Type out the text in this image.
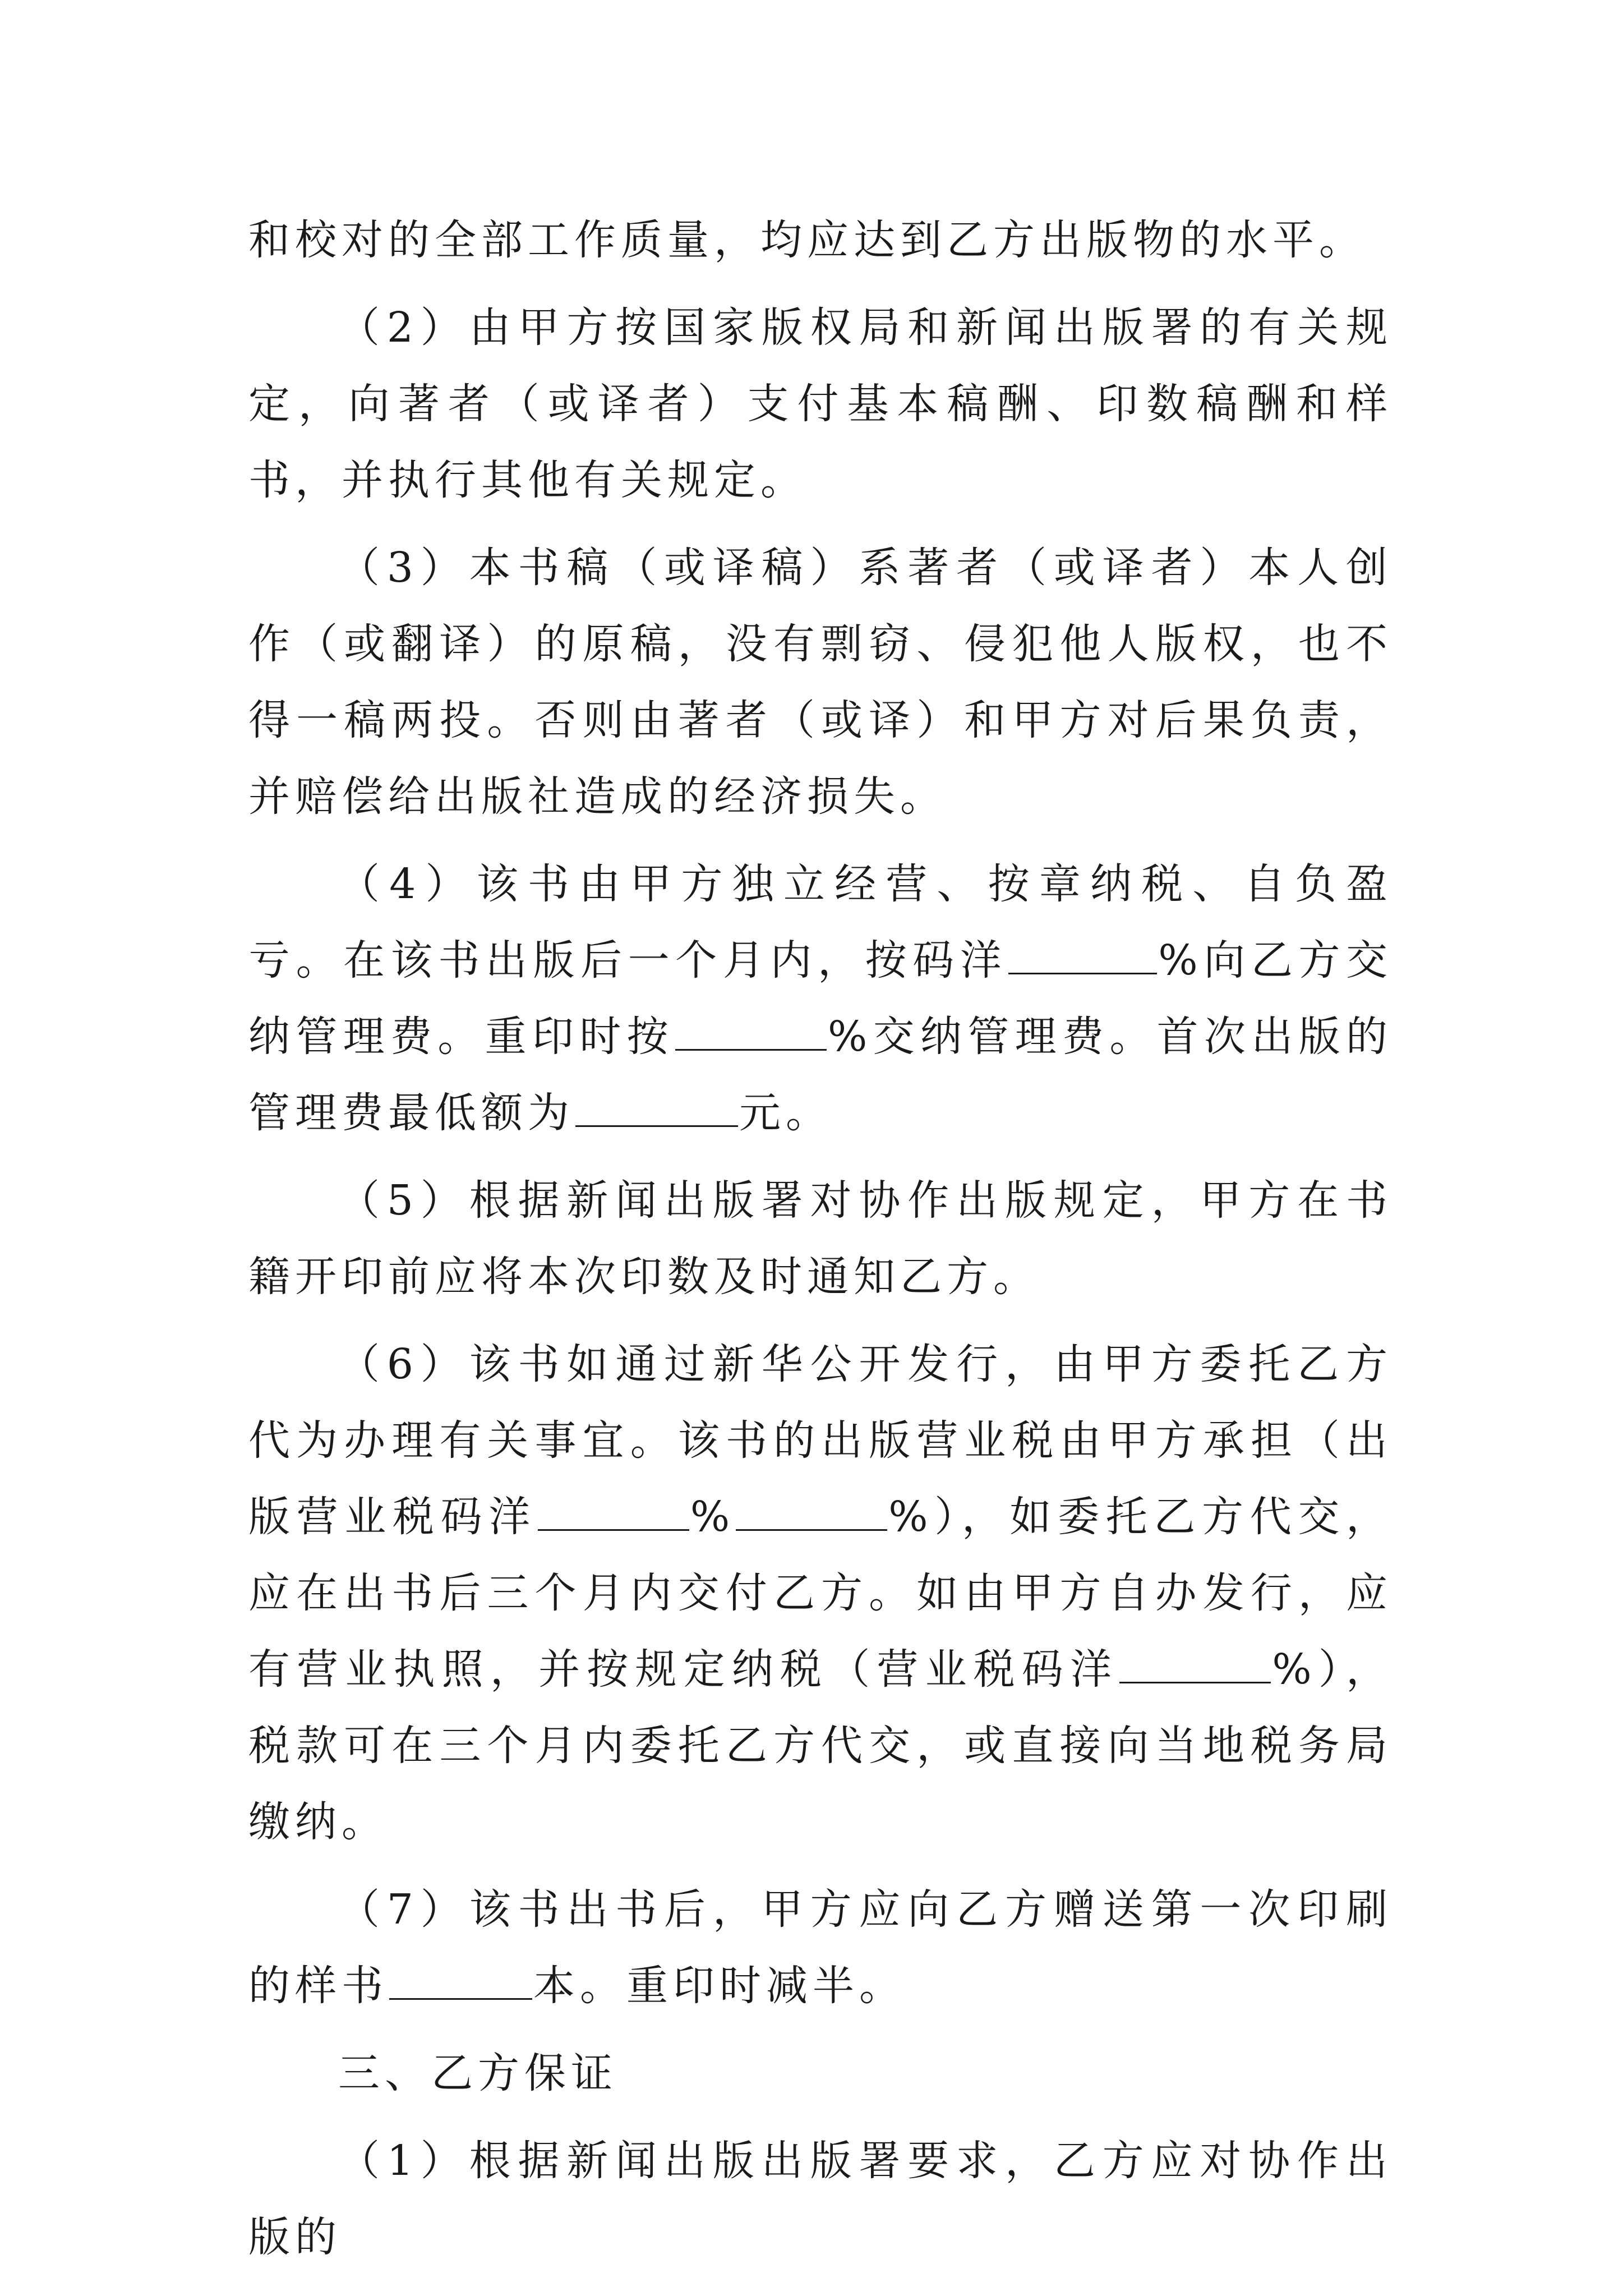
和校对的全部工作质量，均应达到乙方出版物的水平。

（2）由甲方按国家版权局和新闻出版署的有关规定，向著者（或译者）支付基本稿酬、印数稿酬和样书，并执行其他有关规定。

（3）本书稿（或译稿）系著者（或译者）本人创作（或翻译）的原稿，没有剽窃、侵犯他人版权，也不得一稿两投。否则由著者（或译）和甲方对后果负责，并赔偿给出版社造成的经济损失。

（4）该书由甲方独立经营、按章纳税、自负盈亏。在该书出版后一个月内，按码洋	%向乙方交纳管理费。重印时按	%交纳管理费。首次出版的管理费最低额为	元。

（5）根据新闻出版署对协作出版规定，甲方在书籍开印前应将本次印数及时通知乙方。

（6）该书如通过新华公开发行，由甲方委托乙方代为办理有关事宜。该书的出版营业税由甲方承担（出版营业税码洋	%	%），如委托乙方代交，应在出书后三个月内交付乙方。如由甲方自办发行，应有营业执照，并按规定纳税（营业税码洋	%），税款可在三个月内委托乙方代交，或直接向当地税务局缴纳。

（7）该书出书后，甲方应向乙方赠送第一次印刷的样书	本。重印时减半。

三、乙方保证

（1）根据新闻出版出版署要求，乙方应对协作出版的
